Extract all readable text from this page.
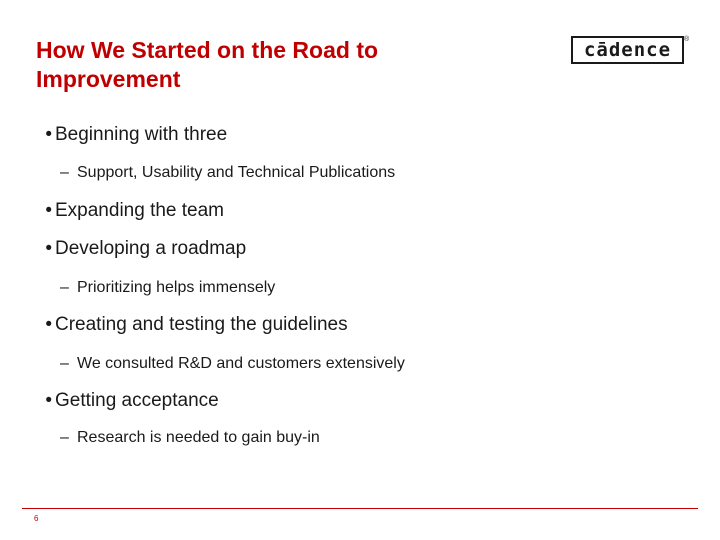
How We Started on the Road to
Improvement
cādence ®
• Beginning with three
– Support, Usability and Technical Publications
• Expanding the team
• Developing a roadmap
– Prioritizing helps immensely
• Creating and testing the guidelines
– We consulted R&D and customers extensively
• Getting acceptance
– Research is needed to gain buy-in
6
